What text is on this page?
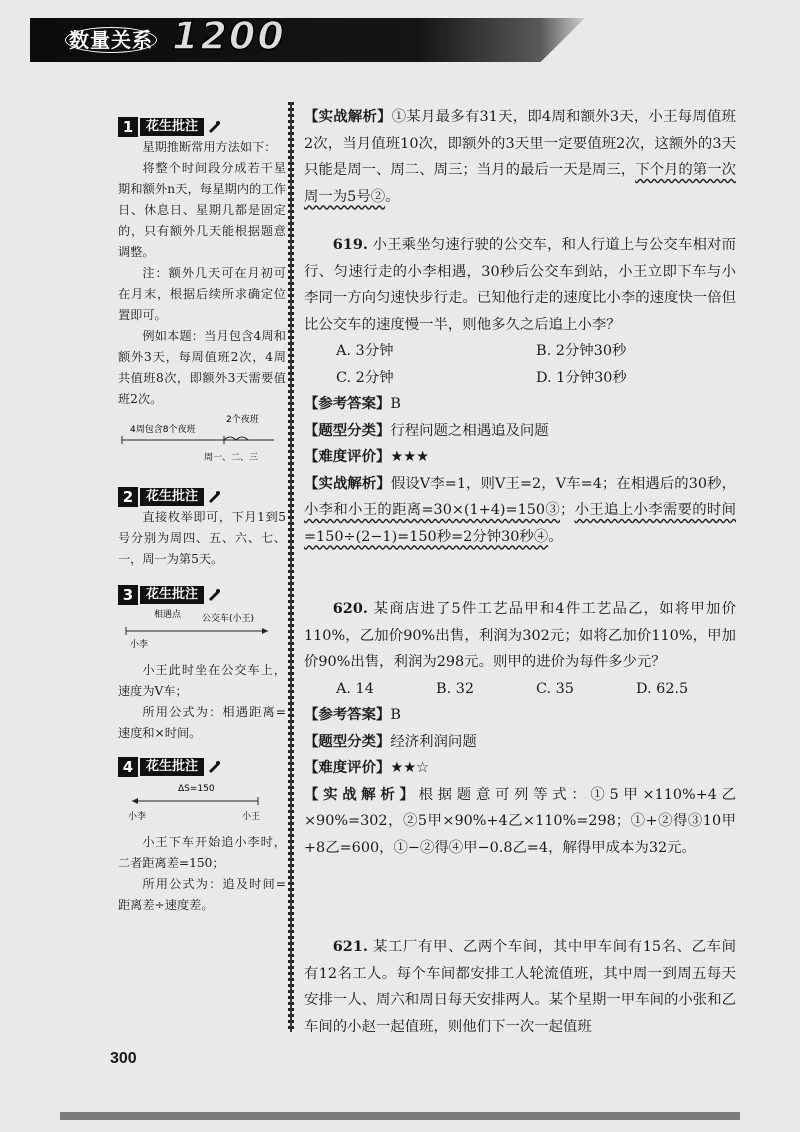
数量关系 1200
1 花生批注

星期推断常用方法如下：

将整个时间段分成若干星期和额外n天，每星期内的工作日、休息日、星期几都是固定的，只有额外几天能根据题意调整。

注：额外几天可在月初可在月末，根据后续所求确定位置即可。

例如本题：当月包含4周和额外3天，每周值班2次，4周共值班8次，即额外3天需要值班2次。

4周包含8个夜班
2个夜班
周一、二、三
2 花生批注

直接枚举即可，下月1到5号分别为周四、五、六、七、一，周一为第5天。

3 花生批注
相遇点 公交车(小王)
小李

小王此时坐在公交车上，速度为V车；

所用公式为：相遇距离=速度和×时间。

4 花生批注
ΔS=150
小李	小王

小王下车开始追小李时，二者距离差=150；

所用公式为：追及时间=距离差÷速度差。

【实战解析】①某月最多有31天，即4周和额外3天，小王每周值班2次，当月值班10次，即额外的3天里一定要值班2次，这额外的3天只能是周一、周二、周三；当月的最后一天是周三，下个月的第一次周一为5号②。

619. 小王乘坐匀速行驶的公交车，和人行道上与公交车相对而行、匀速行走的小李相遇，30秒后公交车到站，小王立即下车与小李同一方向匀速快步行走。已知他行走的速度比小李的速度快一倍但比公交车的速度慢一半，则他多久之后追上小李？

A. 3分钟	B. 2分钟30秒
C. 2分钟	D. 1分钟30秒

【参考答案】B

【题型分类】行程问题之相遇追及问题

【难度评价】★★★

【实战解析】假设V李=1，则V王=2，V车=4；在相遇后的30秒，小李和小王的距离=30×(1+4)=150③；小王追上小李需要的时间=150÷(2−1)=150秒=2分钟30秒④。

620. 某商店进了5件工艺品甲和4件工艺品乙，如将甲加价110%，乙加价90%出售，利润为302元；如将乙加价110%，甲加价90%出售，利润为298元。则甲的进价为每件多少元？

A. 14	B. 32	C. 35	D. 62.5

【参考答案】B

【题型分类】经济利润问题

【难度评价】★★☆

【实战解析】根据题意可列等式：①5甲×110%+4乙×90%=302，②5甲×90%+4乙×110%=298；①+②得③10甲+8乙=600，①−②得④甲−0.8乙=4，解得甲成本为32元。

621. 某工厂有甲、乙两个车间，其中甲车间有15名、乙车间有12名工人。每个车间都安排工人轮流值班，其中周一到周五每天安排一人、周六和周日每天安排两人。某个星期一甲车间的小张和乙车间的小赵一起值班，则他们下一次一起值班

300
